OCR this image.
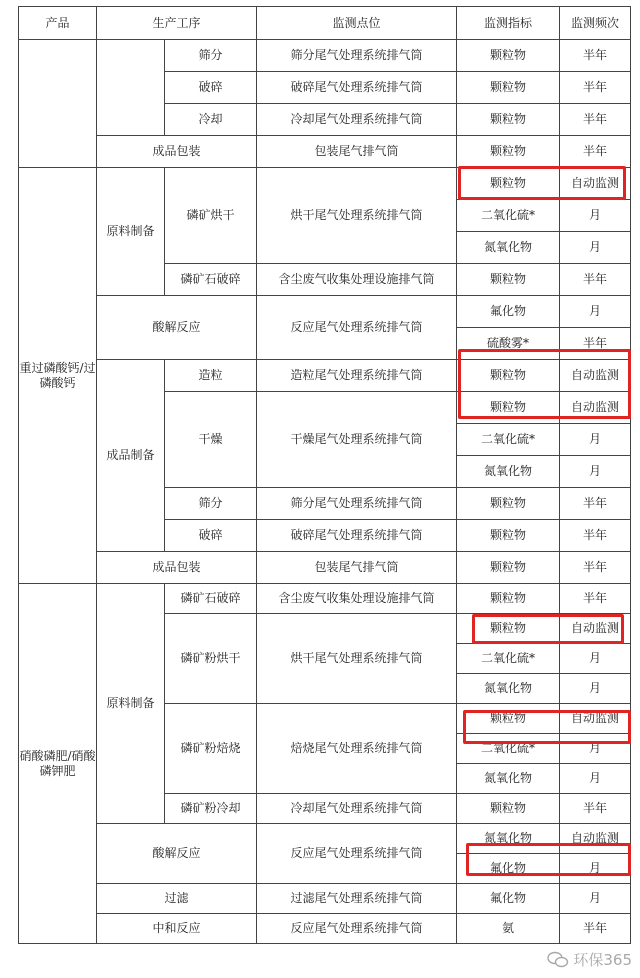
产品	生产工序		监测点位	监测指标	监测频次
		筛分	筛分尾气处理系统排气筒	颗粒物	半年
		破碎	破碎尾气处理系统排气筒	颗粒物	半年
		冷却	冷却尾气处理系统排气筒	颗粒物	半年
	成品包装		包装尾气排气筒	颗粒物	半年
重过磷酸钙/过磷酸钙	原料制备	磷矿烘干	烘干尾气处理系统排气筒	颗粒物	自动监测
				二氧化硫*	月
				氮氧化物	月
		磷矿石破碎	含尘废气收集处理设施排气筒	颗粒物	半年
	酸解反应		反应尾气处理系统排气筒	氟化物	月
				硫酸雾*	半年
	成品制备	造粒	造粒尾气处理系统排气筒	颗粒物	自动监测
		干燥	干燥尾气处理系统排气筒	颗粒物	自动监测
				二氧化硫*	月
				氮氧化物	月
		筛分	筛分尾气处理系统排气筒	颗粒物	半年
		破碎	破碎尾气处理系统排气筒	颗粒物	半年
	成品包装		包装尾气排气筒	颗粒物	半年
硝酸磷肥/硝酸磷钾肥	原料制备	磷矿石破碎	含尘废气收集处理设施排气筒	颗粒物	半年
		磷矿粉烘干	烘干尾气处理系统排气筒	颗粒物	自动监测
				二氧化硫*	月
				氮氧化物	月
		磷矿粉焙烧	焙烧尾气处理系统排气筒	颗粒物	自动监测
				二氧化硫*	月
				氮氧化物	月
		磷矿粉冷却	冷却尾气处理系统排气筒	颗粒物	半年
	酸解反应		反应尾气处理系统排气筒	氮氧化物	自动监测
				氟化物	月
	过滤		过滤尾气处理系统排气筒	氟化物	月
	中和反应		反应尾气处理系统排气筒	氨	半年
环保365
